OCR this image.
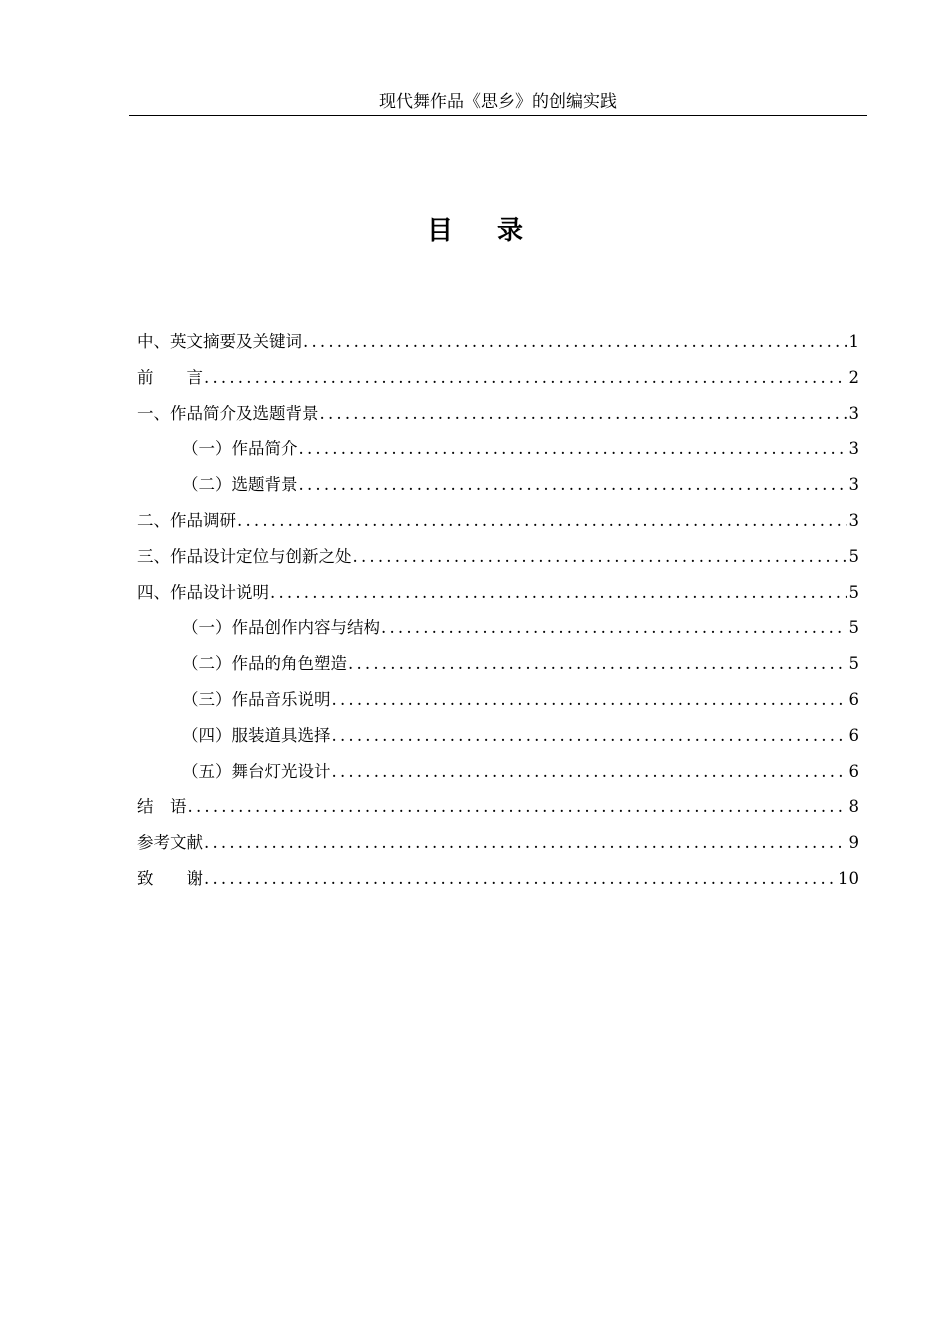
现代舞作品《思乡》的创编实践
目 录
中、英文摘要及关键词 .....	1
前　　言 .....	2
一、作品简介及选题背景 .....	3
（一）作品简介 .....	3
（二）选题背景 .....	3
二、作品调研 .....	3
三、作品设计定位与创新之处 .....	5
四、作品设计说明 .....	5
（一）作品创作内容与结构 .....	5
（二）作品的角色塑造 .....	5
（三）作品音乐说明 .....	6
（四）服装道具选择 .....	6
（五）舞台灯光设计 .....	6
结　语 .....	8
参考文献 .....	9
致　　谢 .....	10
